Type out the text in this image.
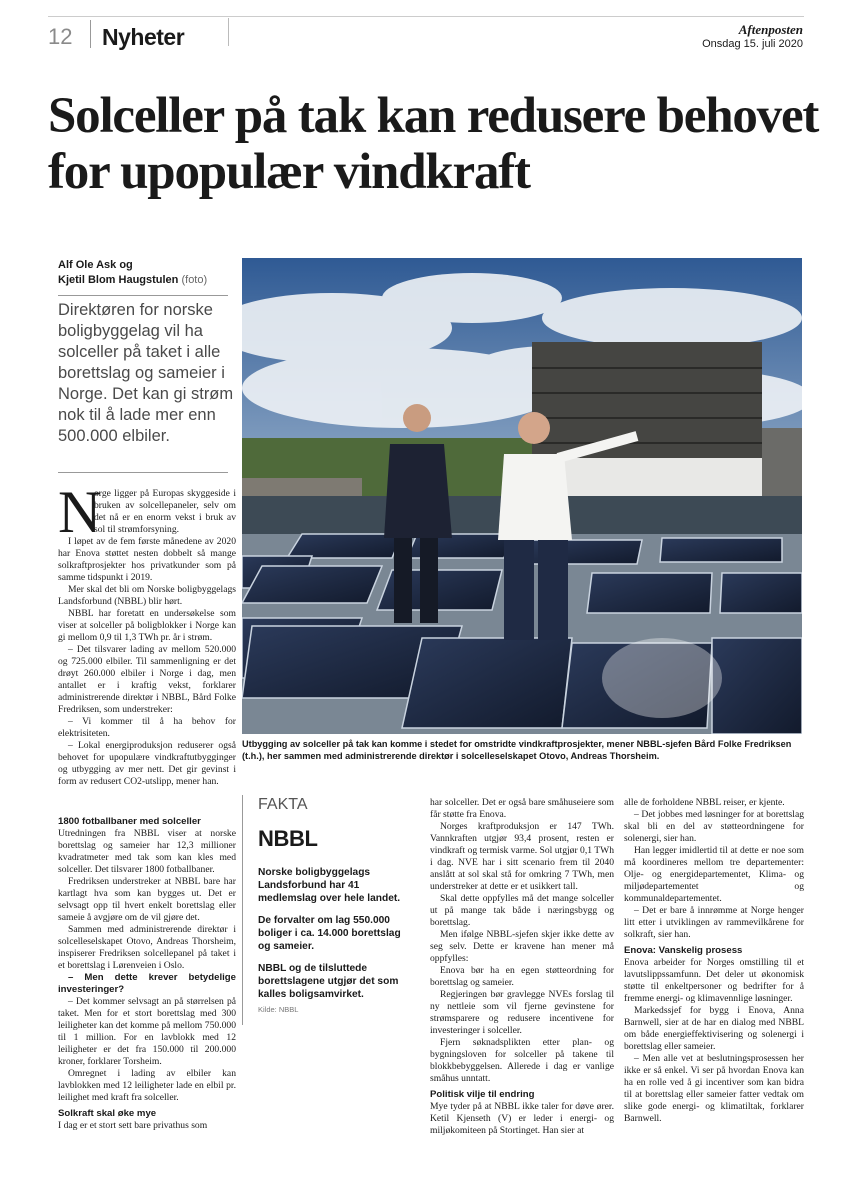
12 Nyheter	Aftenposten
Onsdag 15. juli 2020
Solceller på tak kan redusere behovet for upopulær vindkraft
Alf Ole Ask og
Kjetil Blom Haugstulen (foto)
Direktøren for norske boligbyggelag vil ha solceller på taket i alle borettslag og sameier i Norge. Det kan gi strøm nok til å lade mer enn 500.000 elbiler.
Utbygging av solceller på tak kan komme i stedet for omstridte vindkraftprosjekter, mener NBBL-sjefen Bård Folke Fredriksen (t.h.), her sammen med administrerende direktør i solcelleselskapet Otovo, Andreas Thorsheim.
N

orge ligger på Europas skyggeside i bruken av solcellepaneler, selv om det nå er en enorm vekst i bruk av sol til strømforsyning.

I løpet av de fem første månedene av 2020 har Enova støttet nesten dobbelt så mange solkraftprosjekter hos privatkunder som på samme tidspunkt i 2019.

Mer skal det bli om Norske boligbyggelags Landsforbund (NBBL) blir hørt.

NBBL har foretatt en undersøkelse som viser at solceller på boligblokker i Norge kan gi mellom 0,9 til 1,3 TWh pr. år i strøm.

– Det tilsvarer lading av mellom 520.000 og 725.000 elbiler. Til sammenligning er det drøyt 260.000 elbiler i Norge i dag, men antallet er i kraftig vekst, forklarer administrerende direktør i NBBL, Bård Folke Fredriksen, som understreker:

– Vi kommer til å ha behov for elektrisiteten.

– Lokal energiproduksjon reduserer også behovet for upopulære vindkraftutbygginger og utbygging av mer nett. Det gir gevinst i form av redusert CO2-utslipp, mener han.

1800 fotballbaner med solceller

Utredningen fra NBBL viser at norske borettslag og sameier har 12,3 millioner kvadratmeter med tak som kan kles med solceller. Det tilsvarer 1800 fotballbaner.

Fredriksen understreker at NBBL bare har kartlagt hva som kan bygges ut. Det er selvsagt opp til hvert enkelt borettslag eller sameie å avgjøre om de vil gjøre det.

Sammen med administrerende direktør i solcelleselskapet Otovo, Andreas Thorsheim, inspiserer Fredriksen solcellepanel på taket i et borettslag i Lørenveien i Oslo.

– Men dette krever betydelige investeringer?

– Det kommer selvsagt an på størrelsen på taket. Men for et stort borettslag med 300 leiligheter kan det komme på mellom 750.000 til 1 million. For en lavblokk med 12 leiligheter er det fra 150.000 til 200.000 kroner, forklarer Torsheim.

Omregnet i lading av elbiler kan lavblokken med 12 leiligheter lade en elbil pr. leilighet med kraft fra solceller.

Solkraft skal øke mye

I dag er et stort sett bare privathus som

FAKTA
NBBL
Norske boligbyggelags Landsforbund har 41 medlemslag over hele landet.
De forvalter om lag 550.000 boliger i ca. 14.000 borettslag og sameier.
NBBL og de tilsluttede borettslagene utgjør det som kalles boligsamvirket.
Kilde: NBBL

har solceller. Det er også bare småhuseiere som får støtte fra Enova.

Norges kraftproduksjon er 147 TWh. Vannkraften utgjør 93,4 prosent, resten er vindkraft og termisk varme. Sol utgjør 0,1 TWh i dag. NVE har i sitt scenario frem til 2040 anslått at sol skal stå for omkring 7 TWh, men understreker at dette er et usikkert tall.

Skal dette oppfylles må det mange solceller ut på mange tak både i næringsbygg og borettslag.

Men ifølge NBBL-sjefen skjer ikke dette av seg selv. Dette er kravene han mener må oppfylles:

Enova bør ha en egen støtteordning for borettslag og sameier.

Regjeringen bør gravlegge NVEs forslag til ny nettleie som vil fjerne gevinstene for strømsparere og redusere incentivene for investeringer i solceller.

Fjern søknadsplikten etter plan- og bygningsloven for solceller på takene til blokkbebyggelsen. Allerede i dag er vanlige småhus unntatt.

Politisk vilje til endring

Mye tyder på at NBBL ikke taler for døve ører. Ketil Kjenseth (V) er leder i energi- og miljøkomiteen på Stortinget. Han sier at

alle de forholdene NBBL reiser, er kjente.

– Det jobbes med løsninger for at borettslag skal bli en del av støtteordningene for solenergi, sier han.

Han legger imidlertid til at dette er noe som må koordineres mellom tre departementer: Olje- og energidepartementet, Klima- og miljødepartementet og kommunaldepartementet.

– Det er bare å innrømme at Norge henger litt etter i utviklingen av rammevilkårene for solkraft, sier han.

Enova: Vanskelig prosess

Enova arbeider for Norges omstilling til et lavutslippssamfunn. Det deler ut økonomisk støtte til enkeltpersoner og bedrifter for å fremme energi- og klimavennlige løsninger.

Markedssjef for bygg i Enova, Anna Barnwell, sier at de har en dialog med NBBL om både energieffektivisering og solenergi i borettslag eller sameier.

– Men alle vet at beslutningsprosessen her ikke er så enkel. Vi ser på hvordan Enova kan ha en rolle ved å gi incentiver som kan bidra til at borettslag eller sameier fatter vedtak om slike gode energi- og klimatiltak, forklarer Barnwell.
